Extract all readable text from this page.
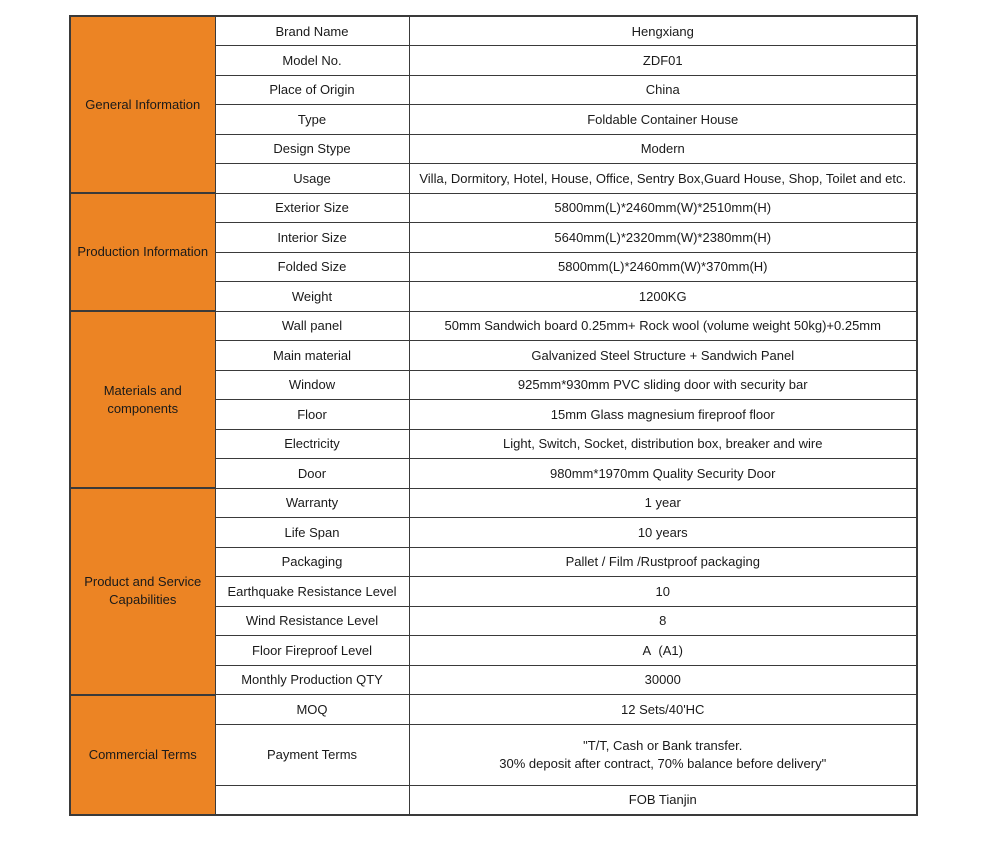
General Information	Brand Name	Hengxiang
	Model No.	ZDF01
	Place of Origin	China
	Type	Foldable Container House
	Design Stype	Modern
	Usage	Villa, Dormitory, Hotel, House, Office, Sentry Box,Guard House, Shop, Toilet and etc.
Production Information	Exterior Size	5800mm(L)*2460mm(W)*2510mm(H)
	Interior Size	5640mm(L)*2320mm(W)*2380mm(H)
	Folded Size	5800mm(L)*2460mm(W)*370mm(H)
	Weight	1200KG

Materials and
components	Wall panel	50mm Sandwich board 0.25mm+ Rock wool (volume weight 50kg)+0.25mm
	Main material	Galvanized Steel Structure + Sandwich Panel
	Window	925mm*930mm PVC sliding door with security bar
	Floor	15mm Glass magnesium fireproof floor
	Electricity	Light, Switch, Socket, distribution box, breaker and wire
	Door	980mm*1970mm Quality Security Door

Product and Service
Capabilities	Warranty	1 year
	Life Span	10 years
	Packaging	Pallet / Film /Rustproof packaging
	Earthquake Resistance Level	10
	Wind Resistance Level	8
	Floor Fireproof Level	A  (A1)
	Monthly Production QTY	30000
Commercial Terms	MOQ	12 Sets/40'HC
	Payment Terms	"T/T, Cash or Bank transfer.
30% deposit after contract, 70% balance before delivery"

		FOB Tianjin
